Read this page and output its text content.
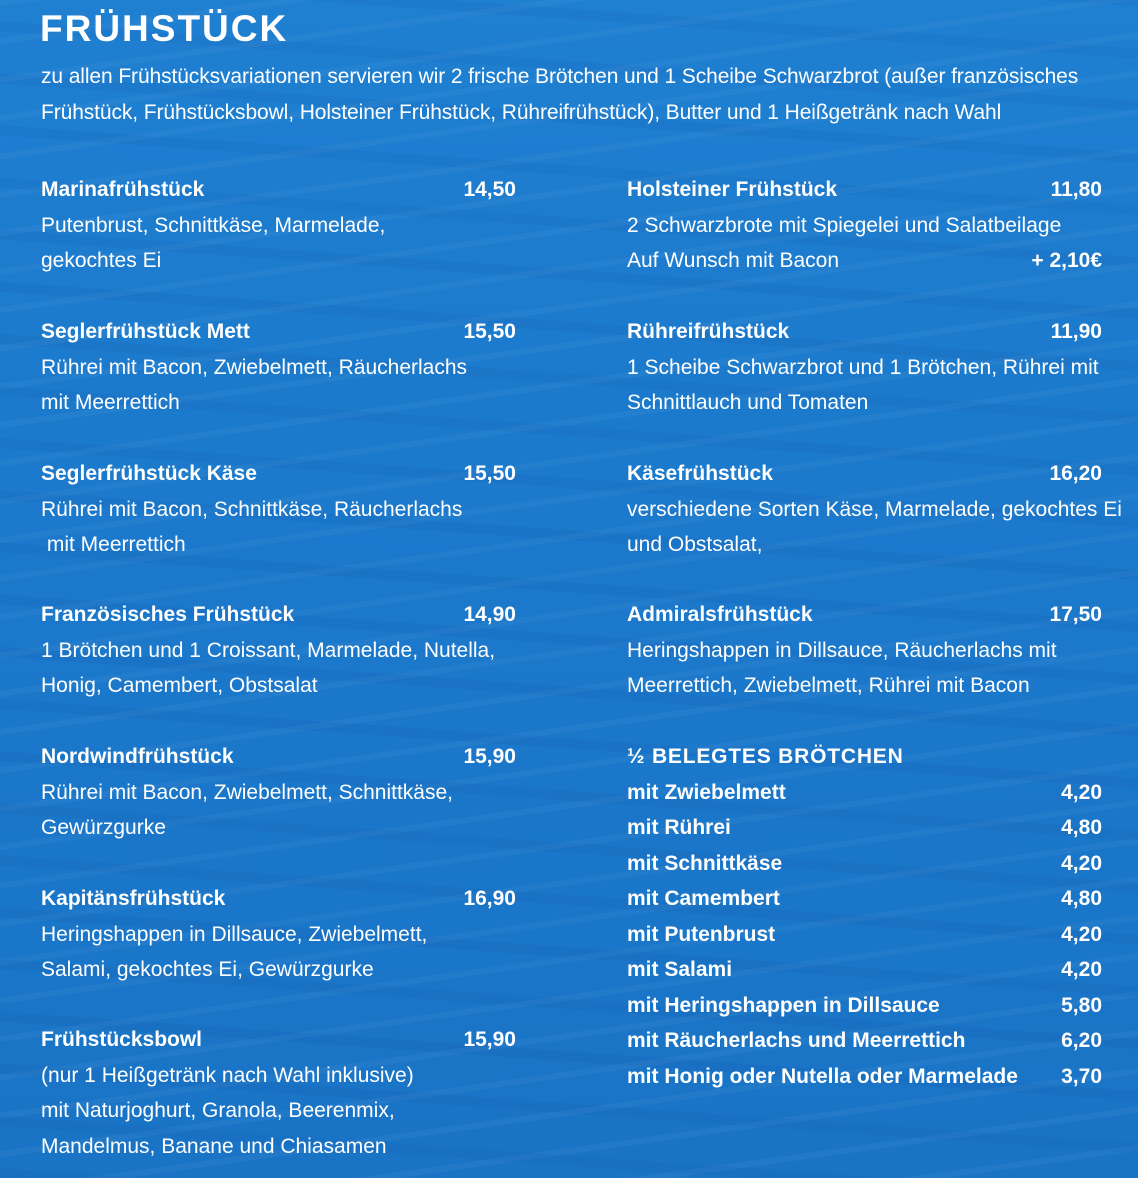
FRÜHSTÜCK

zu allen Frühstücksvariationen servieren wir 2 frische Brötchen und 1 Scheibe Schwarzbrot (außer französisches
Frühstück, Frühstücksbowl, Holsteiner Frühstück, Rühreifrühstück), Butter und 1 Heißgetränk nach Wahl

Marinafrühstück	14,50
Putenbrust, Schnittkäse, Marmelade,
gekochtes Ei
Seglerfrühstück Mett	15,50
Rührei mit Bacon, Zwiebelmett, Räucherlachs
mit Meerrettich
Seglerfrühstück Käse	15,50
Rührei mit Bacon, Schnittkäse, Räucherlachs
mit Meerrettich
Französisches Frühstück	14,90
1 Brötchen und 1 Croissant, Marmelade, Nutella,
Honig, Camembert, Obstsalat
Nordwindfrühstück	15,90
Rührei mit Bacon, Zwiebelmett, Schnittkäse,
Gewürzgurke
Kapitänsfrühstück	16,90
Heringshappen in Dillsauce, Zwiebelmett,
Salami, gekochtes Ei, Gewürzgurke
Frühstücksbowl	15,90
(nur 1 Heißgetränk nach Wahl inklusive)
mit Naturjoghurt, Granola, Beerenmix,
Mandelmus, Banane und Chiasamen
Holsteiner Frühstück	11,80
2 Schwarzbrote mit Spiegelei und Salatbeilage
Auf Wunsch mit Bacon	+ 2,10€
Rühreifrühstück	11,90
1 Scheibe Schwarzbrot und 1 Brötchen, Rührei mit
Schnittlauch und Tomaten
Käsefrühstück	16,20
verschiedene Sorten Käse, Marmelade, gekochtes Ei
und Obstsalat,
Admiralsfrühstück	17,50
Heringshappen in Dillsauce, Räucherlachs mit
Meerrettich, Zwiebelmett, Rührei mit Bacon
½ BELEGTES BRÖTCHEN
mit Zwiebelmett	4,20
mit Rührei	4,80
mit Schnittkäse	4,20
mit Camembert	4,80
mit Putenbrust	4,20
mit Salami	4,20
mit Heringshappen in Dillsauce	5,80
mit Räucherlachs und Meerrettich	6,20
mit Honig oder Nutella oder Marmelade 3,70
